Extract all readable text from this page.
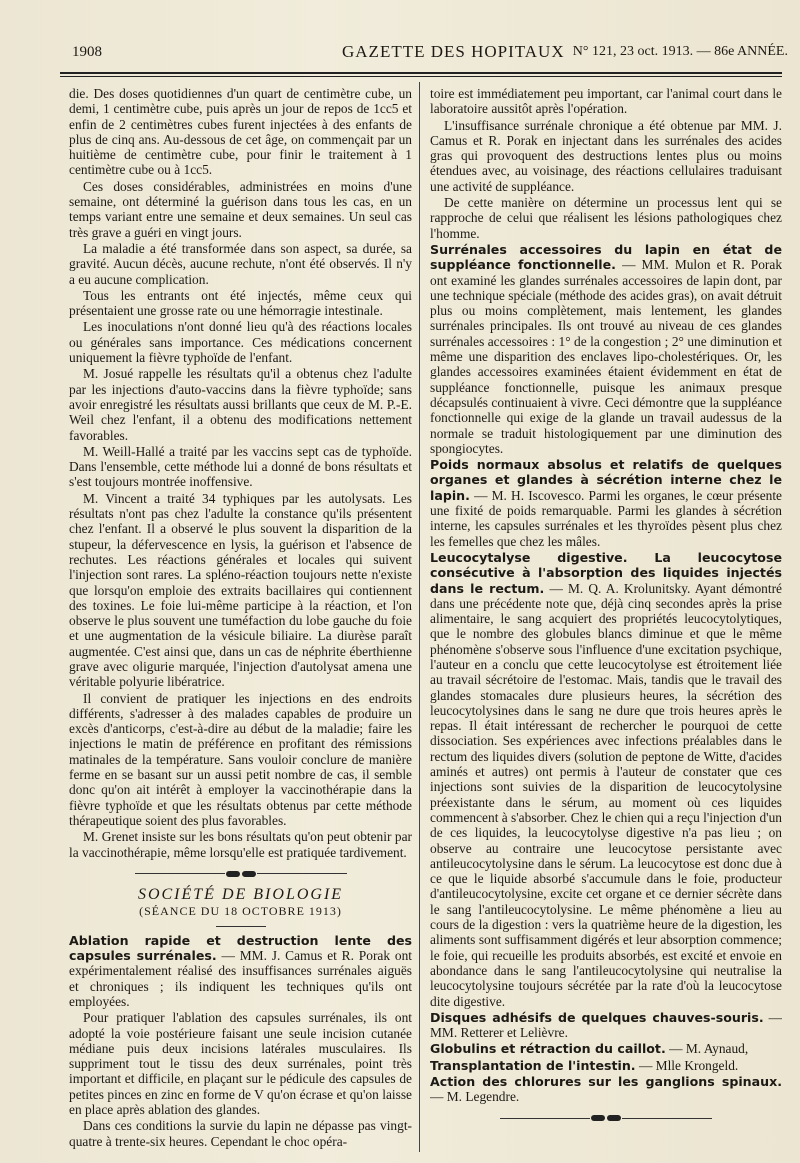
1908	GAZETTE DES HOPITAUX N° 121, 23 oct. 1913. — 86e ANNÉE.

die. Des doses quotidiennes d'un quart de centimètre cube, un demi, 1 centimètre cube, puis après un jour de repos de 1cc5 et enfin de 2 centimètres cubes furent injectées à des enfants de plus de cinq ans. Au-dessous de cet âge, on commençait par un huitième de centimètre cube, pour finir le traitement à 1 centimètre cube ou à 1cc5.

Ces doses considérables, administrées en moins d'une semaine, ont déterminé la guérison dans tous les cas, en un temps variant entre une semaine et deux semaines. Un seul cas très grave a guéri en vingt jours.

La maladie a été transformée dans son aspect, sa durée, sa gravité. Aucun décès, aucune rechute, n'ont été observés. Il n'y a eu aucune complication.

Tous les entrants ont été injectés, même ceux qui présentaient une grosse rate ou une hémorragie intestinale.

Les inoculations n'ont donné lieu qu'à des réactions locales ou générales sans importance. Ces médications concernent uniquement la fièvre typhoïde de l'enfant.

M. Josué rappelle les résultats qu'il a obtenus chez l'adulte par les injections d'auto-vaccins dans la fièvre typhoïde; sans avoir enregistré les résultats aussi brillants que ceux de M. P.-E. Weil chez l'enfant, il a obtenu des modifications nettement favorables.

M. Weill-Hallé a traité par les vaccins sept cas de typhoïde. Dans l'ensemble, cette méthode lui a donné de bons résultats et s'est toujours montrée inoffensive.

M. Vincent a traité 34 typhiques par les autolysats. Les résultats n'ont pas chez l'adulte la constance qu'ils présentent chez l'enfant. Il a observé le plus souvent la disparition de la stupeur, la défervescence en lysis, la guérison et l'absence de rechutes. Les réactions générales et locales qui suivent l'injection sont rares. La spléno-réaction toujours nette n'existe que lorsqu'on emploie des extraits bacillaires qui contiennent des toxines. Le foie lui-même participe à la réaction, et l'on observe le plus souvent une tuméfaction du lobe gauche du foie et une augmentation de la vésicule biliaire. La diurèse paraît augmentée. C'est ainsi que, dans un cas de néphrite éberthienne grave avec oligurie marquée, l'injection d'autolysat amena une véritable polyurie libératrice.

Il convient de pratiquer les injections en des endroits différents, s'adresser à des malades capables de produire un excès d'anticorps, c'est-à-dire au début de la maladie; faire les injections le matin de préférence en profitant des rémissions matinales de la température. Sans vouloir conclure de manière ferme en se basant sur un aussi petit nombre de cas, il semble donc qu'on ait intérêt à employer la vaccinothérapie dans la fièvre typhoïde et que les résultats obtenus par cette méthode thérapeutique soient des plus favorables.

M. Grenet insiste sur les bons résultats qu'on peut obtenir par la vaccinothérapie, même lorsqu'elle est pratiquée tardivement.

SOCIÉTÉ DE BIOLOGIE
(SÉANCE DU 18 OCTOBRE 1913)

Ablation rapide et destruction lente des capsules surrénales. — MM. J. Camus et R. Porak ont expérimentalement réalisé des insuffisances surrénales aiguës et chroniques ; ils indiquent les techniques qu'ils ont employées.

Pour pratiquer l'ablation des capsules surrénales, ils ont adopté la voie postérieure faisant une seule incision cutanée médiane puis deux incisions latérales musculaires. Ils suppriment tout le tissu des deux surrénales, point très important et difficile, en plaçant sur le pédicule des capsules de petites pinces en zinc en forme de V qu'on écrase et qu'on laisse en place après ablation des glandes.

Dans ces conditions la survie du lapin ne dépasse pas vingt-quatre à trente-six heures. Cependant le choc opéra-

toire est immédiatement peu important, car l'animal court dans le laboratoire aussitôt après l'opération.

L'insuffisance surrénale chronique a été obtenue par MM. J. Camus et R. Porak en injectant dans les surrénales des acides gras qui provoquent des destructions lentes plus ou moins étendues avec, au voisinage, des réactions cellulaires traduisant une activité de suppléance.

De cette manière on détermine un processus lent qui se rapproche de celui que réalisent les lésions pathologiques chez l'homme.

Surrénales accessoires du lapin en état de suppléance fonctionnelle. — MM. Mulon et R. Porak ont examiné les glandes surrénales accessoires de lapin dont, par une technique spéciale (méthode des acides gras), on avait détruit plus ou moins complètement, mais lentement, les glandes surrénales principales. Ils ont trouvé au niveau de ces glandes surrénales accessoires : 1° de la congestion ; 2° une diminution et même une disparition des enclaves lipo-cholestériques. Or, les glandes accessoires examinées étaient évidemment en état de suppléance fonctionnelle, puisque les animaux presque décapsulés continuaient à vivre. Ceci démontre que la suppléance fonctionnelle qui exige de la glande un travail audessus de la normale se traduit histologiquement par une diminution des spongiocytes.

Poids normaux absolus et relatifs de quelques organes et glandes à sécrétion interne chez le lapin. — M. H. Iscovesco. Parmi les organes, le cœur présente une fixité de poids remarquable. Parmi les glandes à sécrétion interne, les capsules surrénales et les thyroïdes pèsent plus chez les femelles que chez les mâles.

Leucocytalyse digestive. La leucocytose consécutive à l'absorption des liquides injectés dans le rectum. — M. Q. A. Krolunitsky. Ayant démontré dans une précédente note que, déjà cinq secondes après la prise alimentaire, le sang acquiert des propriétés leucocytolytiques, que le nombre des globules blancs diminue et que le même phénomène s'observe sous l'influence d'une excitation psychique, l'auteur en a conclu que cette leucocytolyse est étroitement liée au travail sécrétoire de l'estomac. Mais, tandis que le travail des glandes stomacales dure plusieurs heures, la sécrétion des leucocytolysines dans le sang ne dure que trois heures après le repas. Il était intéressant de rechercher le pourquoi de cette dissociation. Ses expériences avec infections préalables dans le rectum des liquides divers (solution de peptone de Witte, d'acides aminés et autres) ont permis à l'auteur de constater que ces injections sont suivies de la disparition de leucocytolysine préexistante dans le sérum, au moment où ces liquides commencent à s'absorber. Chez le chien qui a reçu l'injection d'un de ces liquides, la leucocytolyse digestive n'a pas lieu ; on observe au contraire une leucocytose persistante avec antileucocytolysine dans le sérum. La leucocytose est donc due à ce que le liquide absorbé s'accumule dans le foie, producteur d'antileucocytolysine, excite cet organe et ce dernier sécrète dans le sang l'antileucocytolysine. Le même phénomène a lieu au cours de la digestion : vers la quatrième heure de la digestion, les aliments sont suffisamment digérés et leur absorption commence; le foie, qui recueille les produits absorbés, est excité et envoie en abondance dans le sang l'antileucocytolysine qui neutralise la leucocytolysine toujours sécrétée par la rate d'où la leucocytose dite digestive.

Disques adhésifs de quelques chauves-souris. — MM. Retterer et Lelièvre.

Globulins et rétraction du caillot. — M. Aynaud,

Transplantation de l'intestin. — Mlle Krongeld.

Action des chlorures sur les ganglions spinaux. — M. Legendre.
